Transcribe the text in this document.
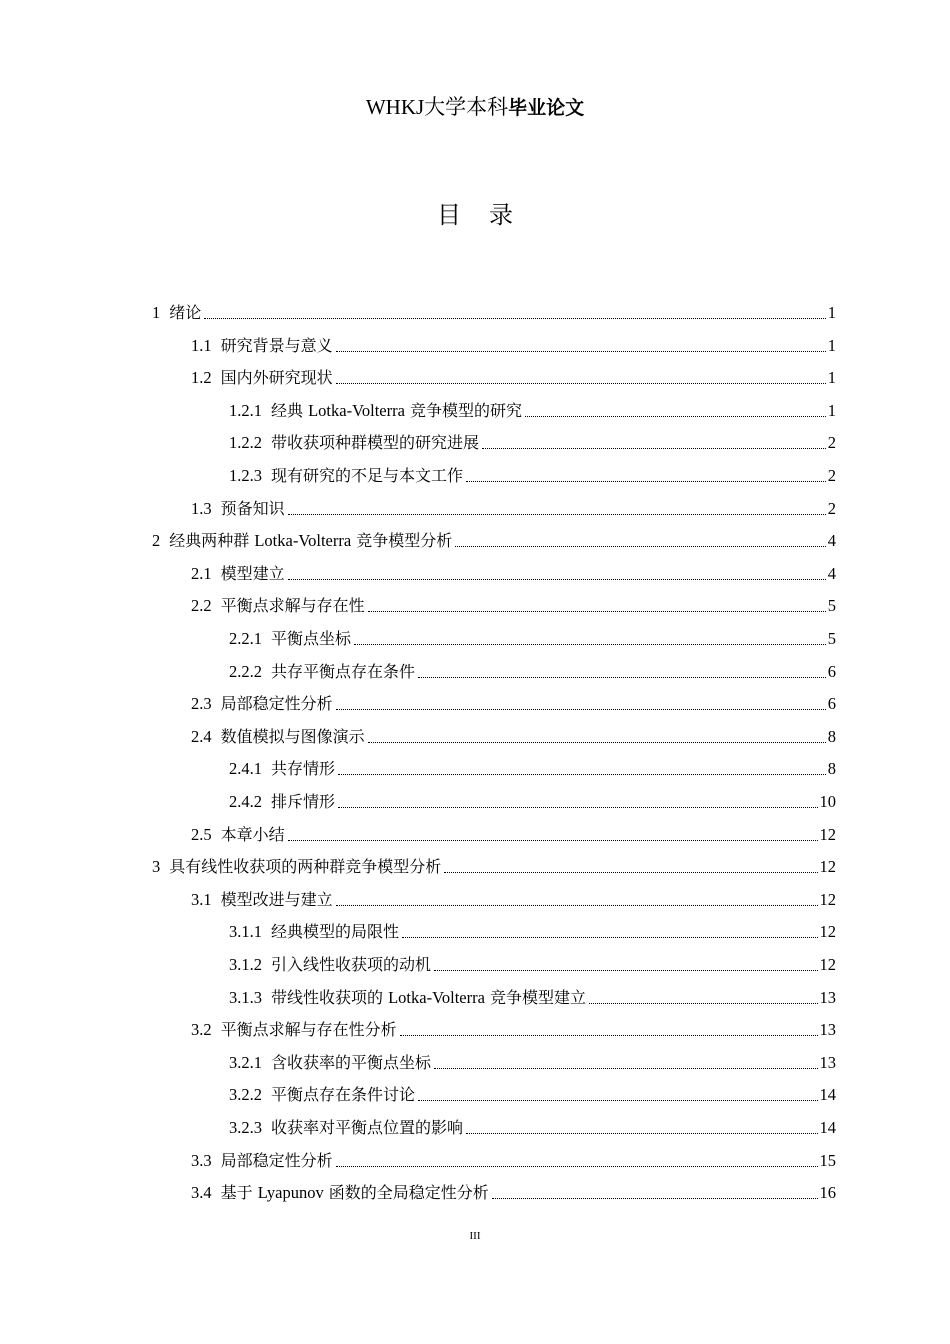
WHKJ大学本科毕业论文
目录
1 绪论	1
1.1 研究背景与意义	1
1.2 国内外研究现状	1
1.2.1 经典 Lotka-Volterra 竞争模型的研究	1
1.2.2 带收获项种群模型的研究进展	2
1.2.3 现有研究的不足与本文工作	2
1.3 预备知识	2
2 经典两种群 Lotka-Volterra 竞争模型分析	4
2.1 模型建立	4
2.2 平衡点求解与存在性	5
2.2.1 平衡点坐标	5
2.2.2 共存平衡点存在条件	6
2.3 局部稳定性分析	6
2.4 数值模拟与图像演示	8
2.4.1 共存情形	8
2.4.2 排斥情形	10
2.5 本章小结	12
3 具有线性收获项的两种群竞争模型分析	12
3.1 模型改进与建立	12
3.1.1 经典模型的局限性	12
3.1.2 引入线性收获项的动机	12
3.1.3 带线性收获项的 Lotka-Volterra 竞争模型建立	13
3.2 平衡点求解与存在性分析	13
3.2.1 含收获率的平衡点坐标	13
3.2.2 平衡点存在条件讨论	14
3.2.3 收获率对平衡点位置的影响	14
3.3 局部稳定性分析	15
3.4 基于 Lyapunov 函数的全局稳定性分析	16
III
